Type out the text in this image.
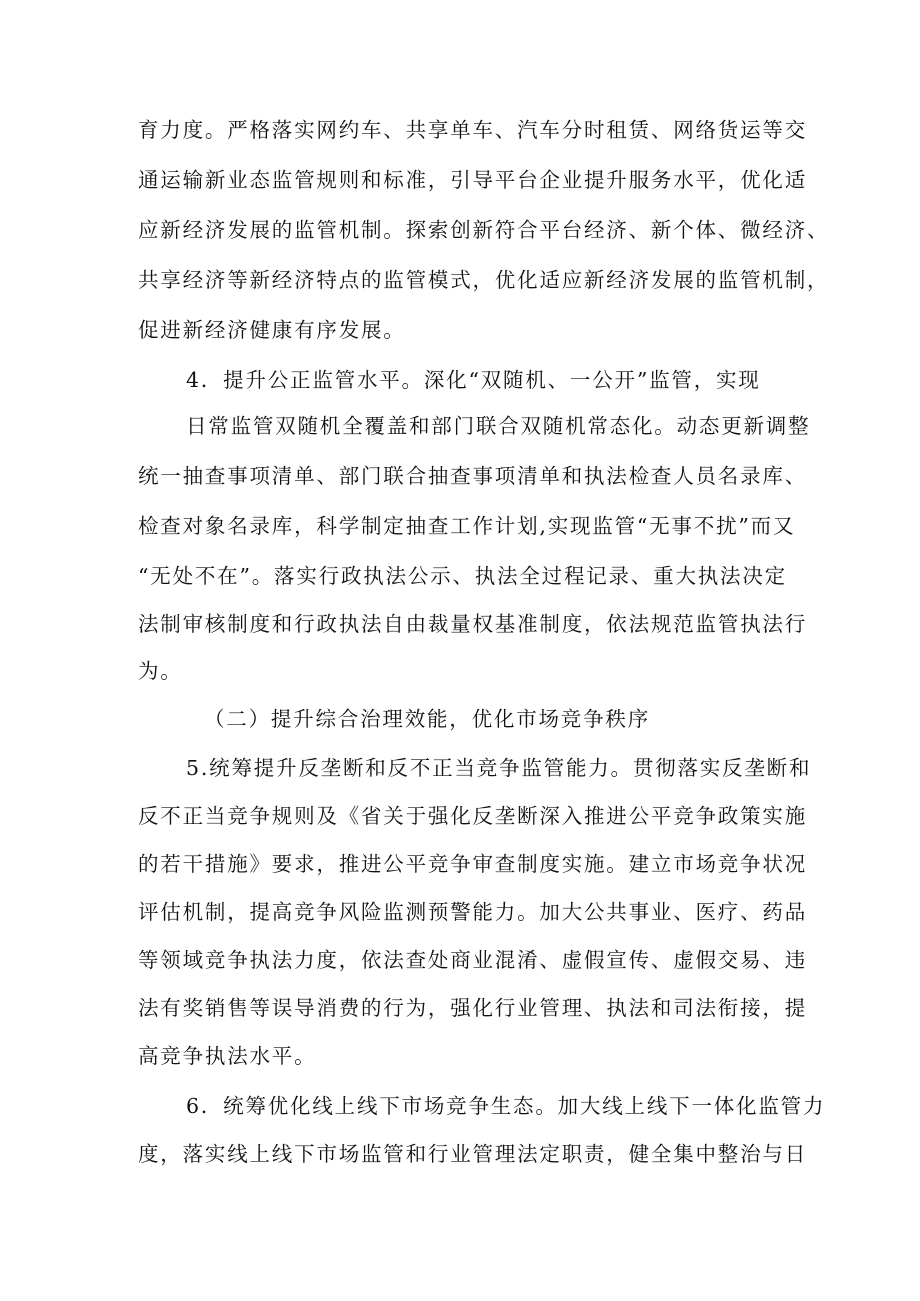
育力度。严格落实网约车、共享单车、汽车分时租赁、网络货运等交
通运输新业态监管规则和标准，引导平台企业提升服务水平，优化适
应新经济发展的监管机制。探索创新符合平台经济、新个体、微经济、
共享经济等新经济特点的监管模式，优化适应新经济发展的监管机制，
促进新经济健康有序发展。
4．提升公正监管水平。深化“双随机、一公开”监管，实现
日常监管双随机全覆盖和部门联合双随机常态化。动态更新调整
统一抽查事项清单、部门联合抽查事项清单和执法检查人员名录库、
检查对象名录库，科学制定抽查工作计划,实现监管“无事不扰”而又
“无处不在”。落实行政执法公示、执法全过程记录、重大执法决定
法制审核制度和行政执法自由裁量权基准制度，依法规范监管执法行
为。
（二）提升综合治理效能，优化市场竞争秩序
5.统筹提升反垄断和反不正当竞争监管能力。贯彻落实反垄断和
反不正当竞争规则及《省关于强化反垄断深入推进公平竞争政策实施
的若干措施》要求，推进公平竞争审查制度实施。建立市场竞争状况
评估机制，提高竞争风险监测预警能力。加大公共事业、医疗、药品
等领域竞争执法力度，依法查处商业混淆、虚假宣传、虚假交易、违
法有奖销售等误导消费的行为，强化行业管理、执法和司法衔接，提
高竞争执法水平。
6．统筹优化线上线下市场竞争生态。加大线上线下一体化监管力
度，落实线上线下市场监管和行业管理法定职责，健全集中整治与日
